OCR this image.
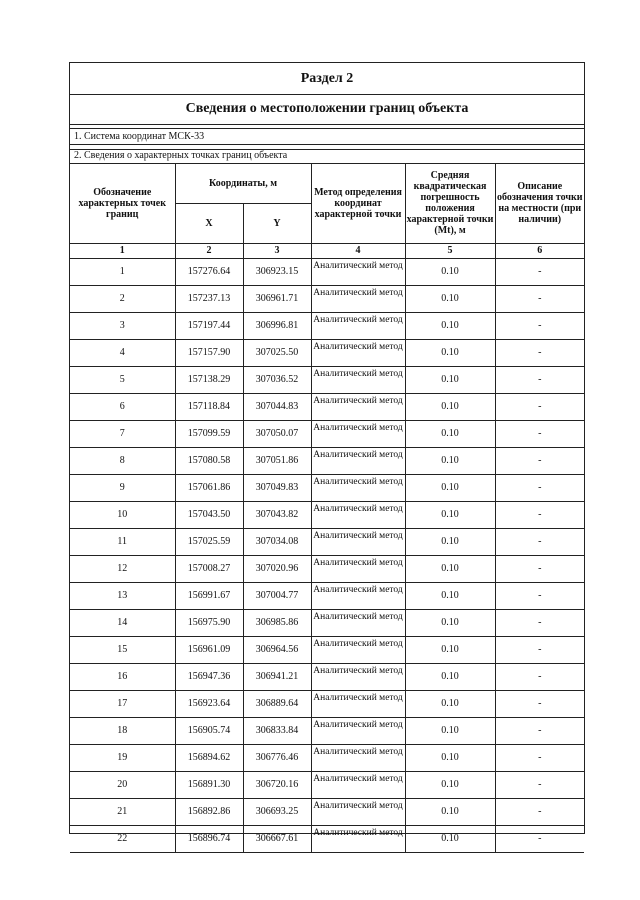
Раздел 2
Сведения о местоположении границ объекта
1. Система координат МСК-33
2. Сведения о характерных точках границ объекта
Обозначение характерных точек границ	Координаты, м		Метод определения координат характерной точки	Средняя квадратическая погрешность положения характерной точки (Mt), м	Описание обозначения точки на местности (при наличии)
	X	Y			
1	2	3	4	5	6
1	157276.64	306923.15	Аналитический метод	0.10	-
2	157237.13	306961.71	Аналитический метод	0.10	-
3	157197.44	306996.81	Аналитический метод	0.10	-
4	157157.90	307025.50	Аналитический метод	0.10	-
5	157138.29	307036.52	Аналитический метод	0.10	-
6	157118.84	307044.83	Аналитический метод	0.10	-
7	157099.59	307050.07	Аналитический метод	0.10	-
8	157080.58	307051.86	Аналитический метод	0.10	-
9	157061.86	307049.83	Аналитический метод	0.10	-
10	157043.50	307043.82	Аналитический метод	0.10	-
11	157025.59	307034.08	Аналитический метод	0.10	-
12	157008.27	307020.96	Аналитический метод	0.10	-
13	156991.67	307004.77	Аналитический метод	0.10	-
14	156975.90	306985.86	Аналитический метод	0.10	-
15	156961.09	306964.56	Аналитический метод	0.10	-
16	156947.36	306941.21	Аналитический метод	0.10	-
17	156923.64	306889.64	Аналитический метод	0.10	-
18	156905.74	306833.84	Аналитический метод	0.10	-
19	156894.62	306776.46	Аналитический метод	0.10	-
20	156891.30	306720.16	Аналитический метод	0.10	-
21	156892.86	306693.25	Аналитический метод	0.10	-
22	156896.74	306667.61	Аналитический метод	0.10	-
